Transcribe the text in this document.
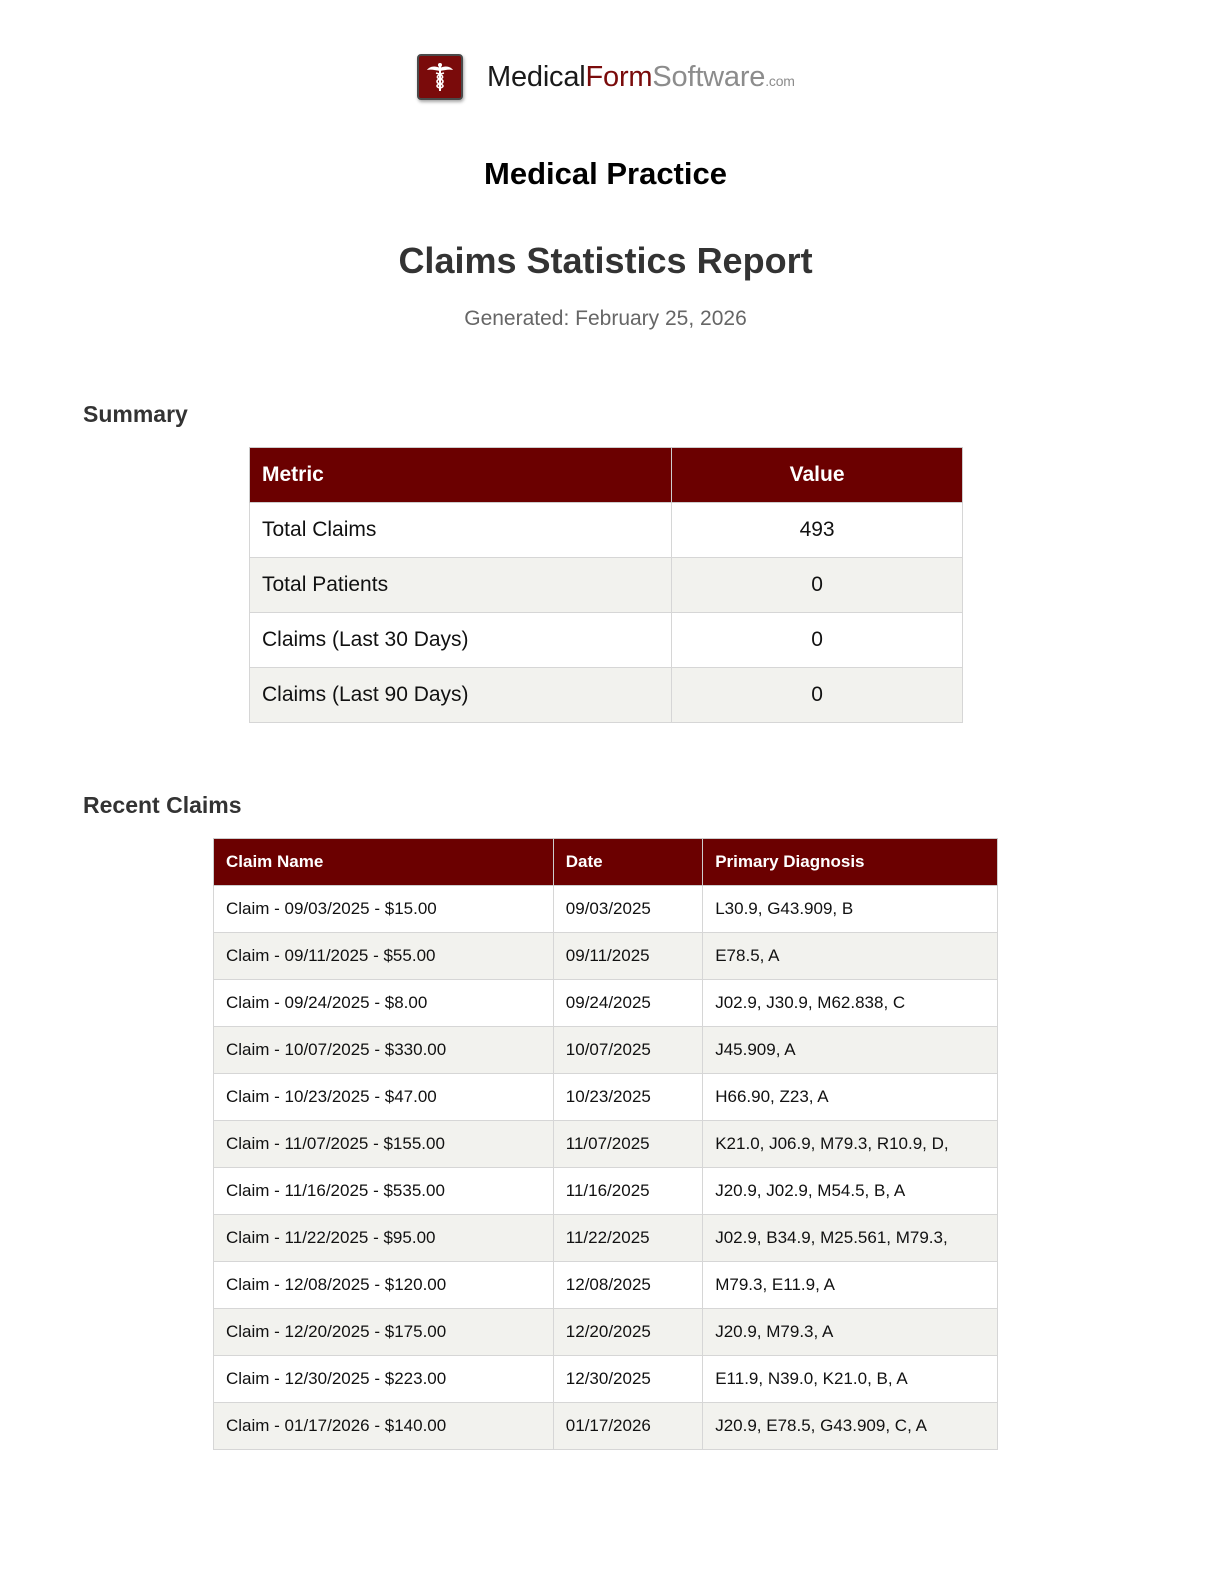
MedicalFormSoftware.com
Medical Practice
Claims Statistics Report
Generated: February 25, 2026
Summary
Metric	Value
Total Claims	493
Total Patients	0
Claims (Last 30 Days)	0
Claims (Last 90 Days)	0
Recent Claims
Claim Name	Date	Primary Diagnosis
Claim - 09/03/2025 - $15.00	09/03/2025	L30.9, G43.909, B
Claim - 09/11/2025 - $55.00	09/11/2025	E78.5, A
Claim - 09/24/2025 - $8.00	09/24/2025	J02.9, J30.9, M62.838, C
Claim - 10/07/2025 - $330.00	10/07/2025	J45.909, A
Claim - 10/23/2025 - $47.00	10/23/2025	H66.90, Z23, A
Claim - 11/07/2025 - $155.00	11/07/2025	K21.0, J06.9, M79.3, R10.9, D,
Claim - 11/16/2025 - $535.00	11/16/2025	J20.9, J02.9, M54.5, B, A
Claim - 11/22/2025 - $95.00	11/22/2025	J02.9, B34.9, M25.561, M79.3,
Claim - 12/08/2025 - $120.00	12/08/2025	M79.3, E11.9, A
Claim - 12/20/2025 - $175.00	12/20/2025	J20.9, M79.3, A
Claim - 12/30/2025 - $223.00	12/30/2025	E11.9, N39.0, K21.0, B, A
Claim - 01/17/2026 - $140.00	01/17/2026	J20.9, E78.5, G43.909, C, A
